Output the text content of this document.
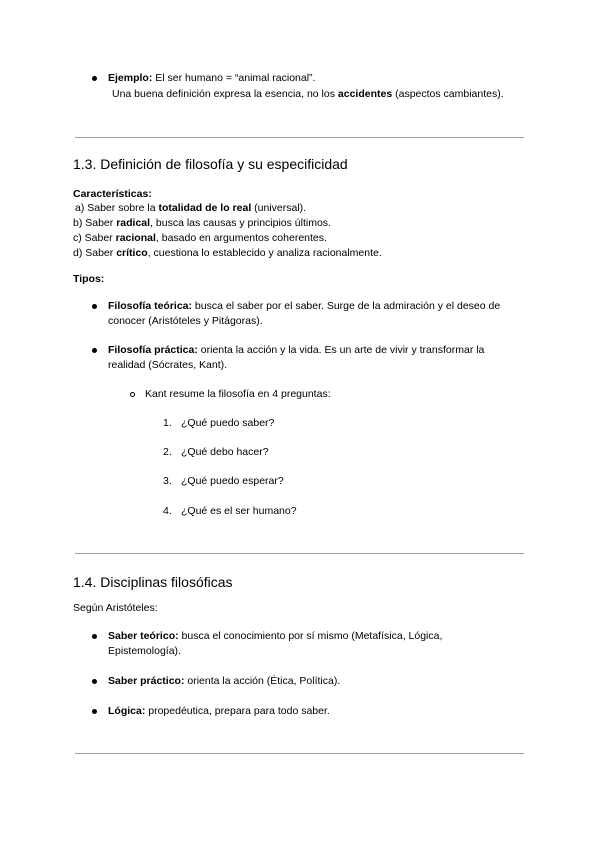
Ejemplo: El ser humano = “animal racional”.
Una buena definición expresa la esencia, no los accidentes (aspectos cambiantes).
1.3. Definición de filosofía y su especificidad
Características:
a) Saber sobre la totalidad de lo real (universal).
b) Saber radical, busca las causas y principios últimos.
c) Saber racional, basado en argumentos coherentes.
d) Saber crítico, cuestiona lo establecido y analiza racionalmente.
Tipos:
Filosofía teórica: busca el saber por el saber. Surge de la admiración y el deseo de
conocer (Aristóteles y Pitágoras).
Filosofía práctica: orienta la acción y la vida. Es un arte de vivir y transformar la
realidad (Sócrates, Kant).
Kant resume la filosofía en 4 preguntas:
1. ¿Qué puedo saber?
2. ¿Qué debo hacer?
3. ¿Qué puedo esperar?
4. ¿Qué es el ser humano?
1.4. Disciplinas filosóficas
Según Aristóteles:
Saber teórico: busca el conocimiento por sí mismo (Metafísica, Lógica,
Epistemología).
Saber práctico: orienta la acción (Ética, Política).
Lógica: propedéutica, prepara para todo saber.
